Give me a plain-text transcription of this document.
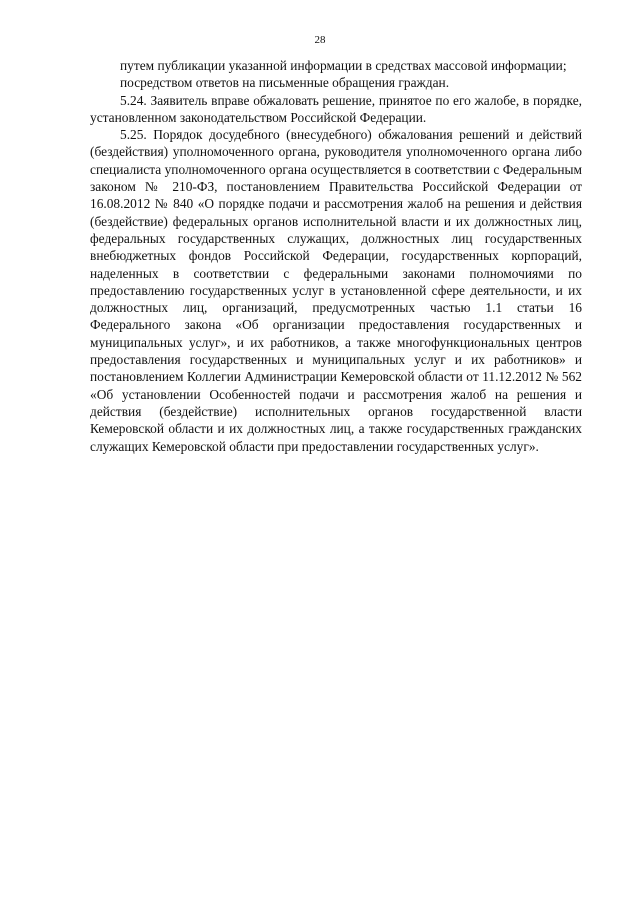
28

путем публикации указанной информации в средствах массовой информации;

посредством ответов на письменные обращения граждан.

5.24. Заявитель вправе обжаловать решение, принятое по его жалобе, в порядке, установленном законодательством Российской Федерации.

5.25. Порядок досудебного (внесудебного) обжалования решений и действий (бездействия) уполномоченного органа, руководителя уполномоченного органа либо специалиста уполномоченного органа осуществляется в соответствии с Федеральным законом № 210-ФЗ, постановлением Правительства Российской Федерации от 16.08.2012 № 840 «О порядке подачи и рассмотрения жалоб на решения и действия (бездействие) федеральных органов исполнительной власти и их должностных лиц, федеральных государственных служащих, должностных лиц государственных внебюджетных фондов Российской Федерации, государственных корпораций, наделенных в соответствии с федеральными законами полномочиями по предоставлению государственных услуг в установленной сфере деятельности, и их должностных лиц, организаций, предусмотренных частью 1.1 статьи 16 Федерального закона «Об организации предоставления государственных и муниципальных услуг», и их работников, а также многофункциональных центров предоставления государственных и муниципальных услуг и их работников» и постановлением Коллегии Администрации Кемеровской области от 11.12.2012 № 562 «Об установлении Особенностей подачи и рассмотрения жалоб на решения и действия (бездействие) исполнительных органов государственной власти Кемеровской области и их должностных лиц, а также государственных гражданских служащих Кемеровской области при предоставлении государственных услуг».
